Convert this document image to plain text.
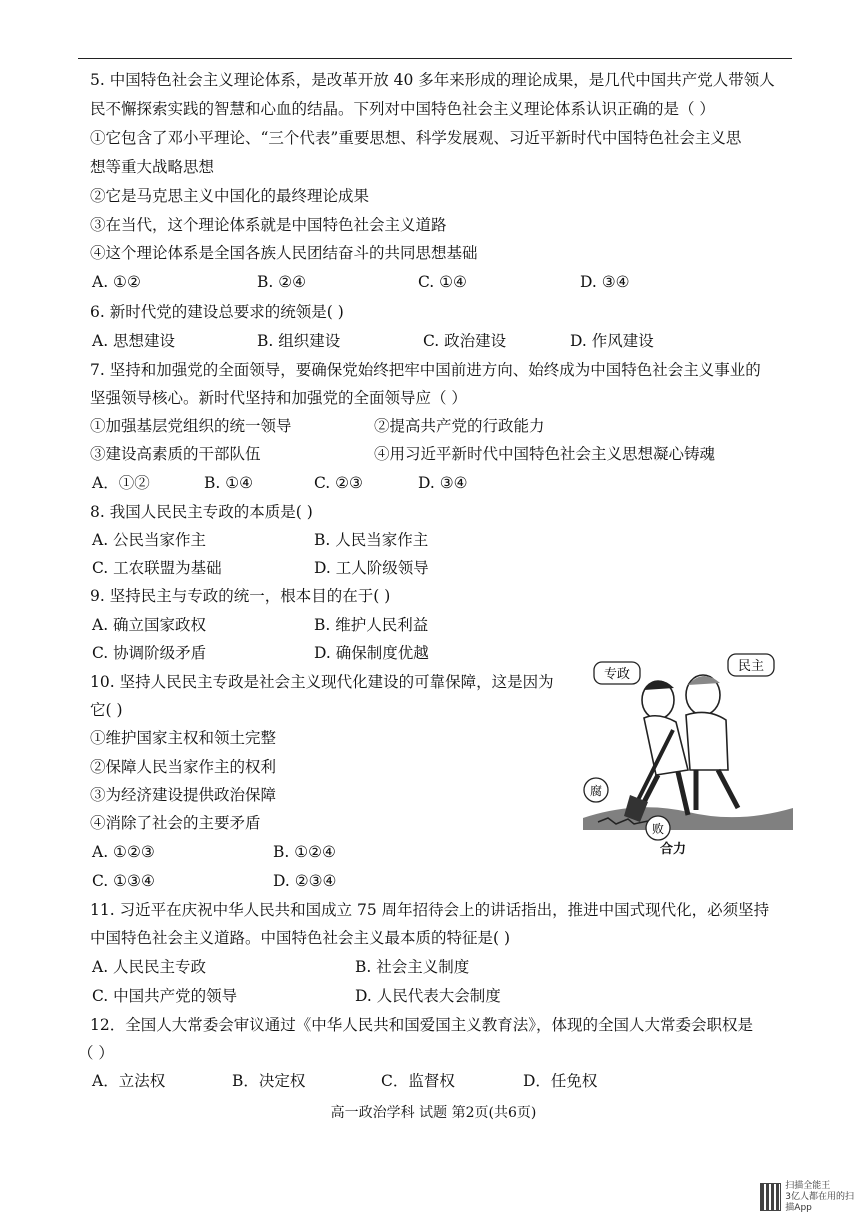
5. 中国特色社会主义理论体系，是改革开放 40 多年来形成的理论成果，是几代中国共产党人带领人
民不懈探索实践的智慧和心血的结晶。下列对中国特色社会主义理论体系认识正确的是（ ）
①它包含了邓小平理论、“三个代表”重要思想、科学发展观、习近平新时代中国特色社会主义思
想等重大战略思想
②它是马克思主义中国化的最终理论成果
③在当代，这个理论体系就是中国特色社会主义道路
④这个理论体系是全国各族人民团结奋斗的共同思想基础
A. ①②	B. ②④	C. ①④	D. ③④
6. 新时代党的建设总要求的统领是( )
A. 思想建设	B. 组织建设	C. 政治建设	D. 作风建设
7. 坚持和加强党的全面领导，要确保党始终把牢中国前进方向、始终成为中国特色社会主义事业的
坚强领导核心。新时代坚持和加强党的全面领导应（ ）
①加强基层党组织的统一领导	②提高共产党的行政能力
③建设高素质的干部队伍	④用习近平新时代中国特色社会主义思想凝心铸魂
A．①②	B. ①④	C. ②③	D. ③④
8. 我国人民民主专政的本质是( )
A. 公民当家作主	B. 人民当家作主
C. 工农联盟为基础	D. 工人阶级领导
9. 坚持民主与专政的统一，根本目的在于( )
A. 确立国家政权	B. 维护人民利益
C. 协调阶级矛盾	D. 确保制度优越
10. 坚持人民民主专政是社会主义现代化建设的可靠保障，这是因为
它( )
①维护国家主权和领土完整
②保障人民当家作主的权利
③为经济建设提供政治保障
④消除了社会的主要矛盾
A. ①②③	B. ①②④
C. ①③④	D. ②③④
专政
民主
腐
败
合力
11. 习近平在庆祝中华人民共和国成立 75 周年招待会上的讲话指出，推进中国式现代化，必须坚持
中国特色社会主义道路。中国特色社会主义最本质的特征是( )
A. 人民民主专政	B. 社会主义制度
C. 中国共产党的领导	D. 人民代表大会制度
12．全国人大常委会审议通过《中华人民共和国爱国主义教育法》，体现的全国人大常委会职权是
（ ）
A．立法权	B．决定权	C．监督权	D．任免权
高一政治学科 试题 第2页(共6页)
扫描全能王
3亿人都在用的扫描App
